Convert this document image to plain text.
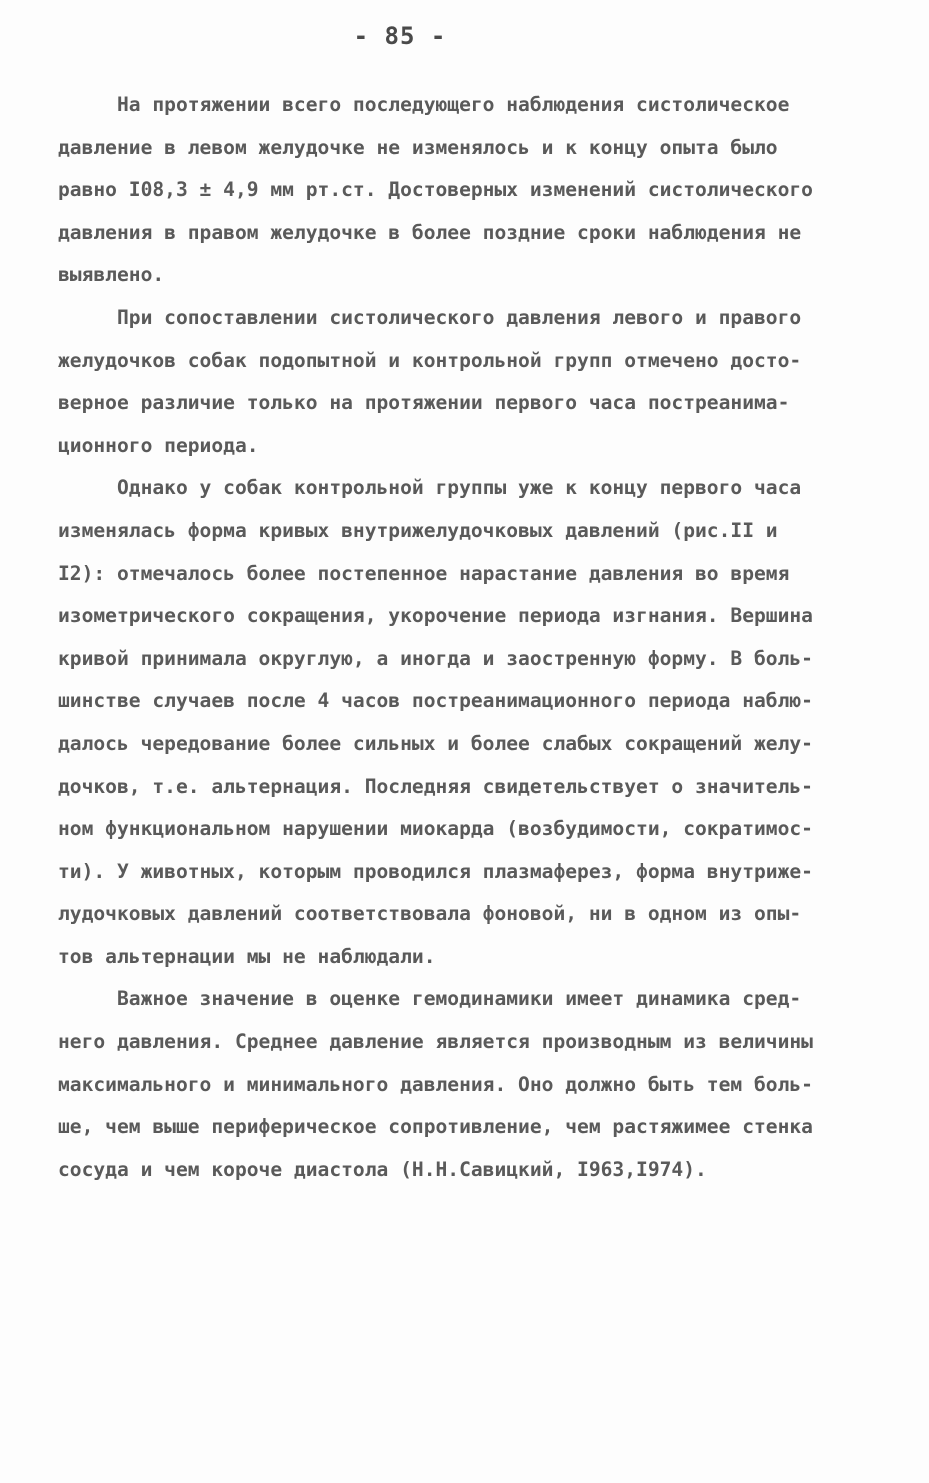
- 85 -
На протяжении всего последующего наблюдения систолическое
давление в левом желудочке не изменялось и к концу опыта было
равно I08,3 ± 4,9 мм рт.ст. Достоверных изменений систолического
давления в правом желудочке в более поздние сроки наблюдения не
выявлено.
При сопоставлении систолического давления левого и правого
желудочков собак подопытной и контрольной групп отмечено досто-
верное различие только на протяжении первого часа постреанима-
ционного периода.
Однако у собак контрольной группы уже к концу первого часа
изменялась форма кривых внутрижелудочковых давлений (рис.II и
I2): отмечалось более постепенное нарастание давления во время
изометрического сокращения, укорочение периода изгнания. Вершина
кривой принимала округлую, а иногда и заостренную форму. В боль-
шинстве случаев после 4 часов постреанимационного периода наблю-
далось чередование более сильных и более слабых сокращений желу-
дочков, т.е. альтернация. Последняя свидетельствует о значитель-
ном функциональном нарушении миокарда (возбудимости, сократимос-
ти). У животных, которым проводился плазмаферез, форма внутриже-
лудочковых давлений соответствовала фоновой, ни в одном из опы-
тов альтернации мы не наблюдали.
Важное значение в оценке гемодинамики имеет динамика сред-
него давления. Среднее давление является производным из величины
максимального и минимального давления. Оно должно быть тем боль-
ше, чем выше периферическое сопротивление, чем растяжимее стенка
сосуда и чем короче диастола (Н.Н.Савицкий, I963,I974).
